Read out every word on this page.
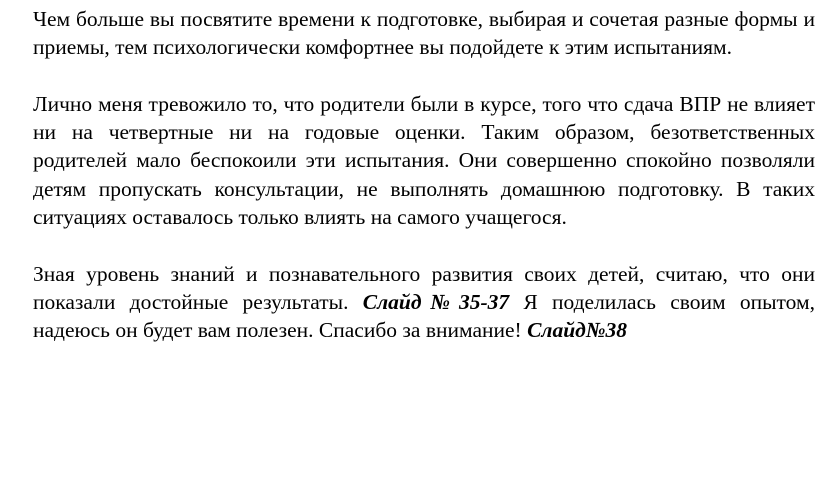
Чем больше вы посвятите времени к подготовке, выбирая и сочетая разные формы и приемы, тем психологически комфортнее вы подойдете к этим испытаниям.

Лично меня тревожило то, что родители были в курсе, того что сдача ВПР не влияет ни на четвертные ни на годовые оценки. Таким образом, безответственных родителей мало беспокоили эти испытания. Они совершенно спокойно позволяли детям пропускать консультации, не выполнять домашнюю подготовку. В таких ситуациях оставалось только влиять на самого учащегося.

Зная уровень знаний и познавательного развития своих детей, считаю, что они показали достойные результаты. Слайд№35-37 Я поделилась своим опытом, надеюсь он будет вам полезен. Спасибо за внимание! Слайд№38
